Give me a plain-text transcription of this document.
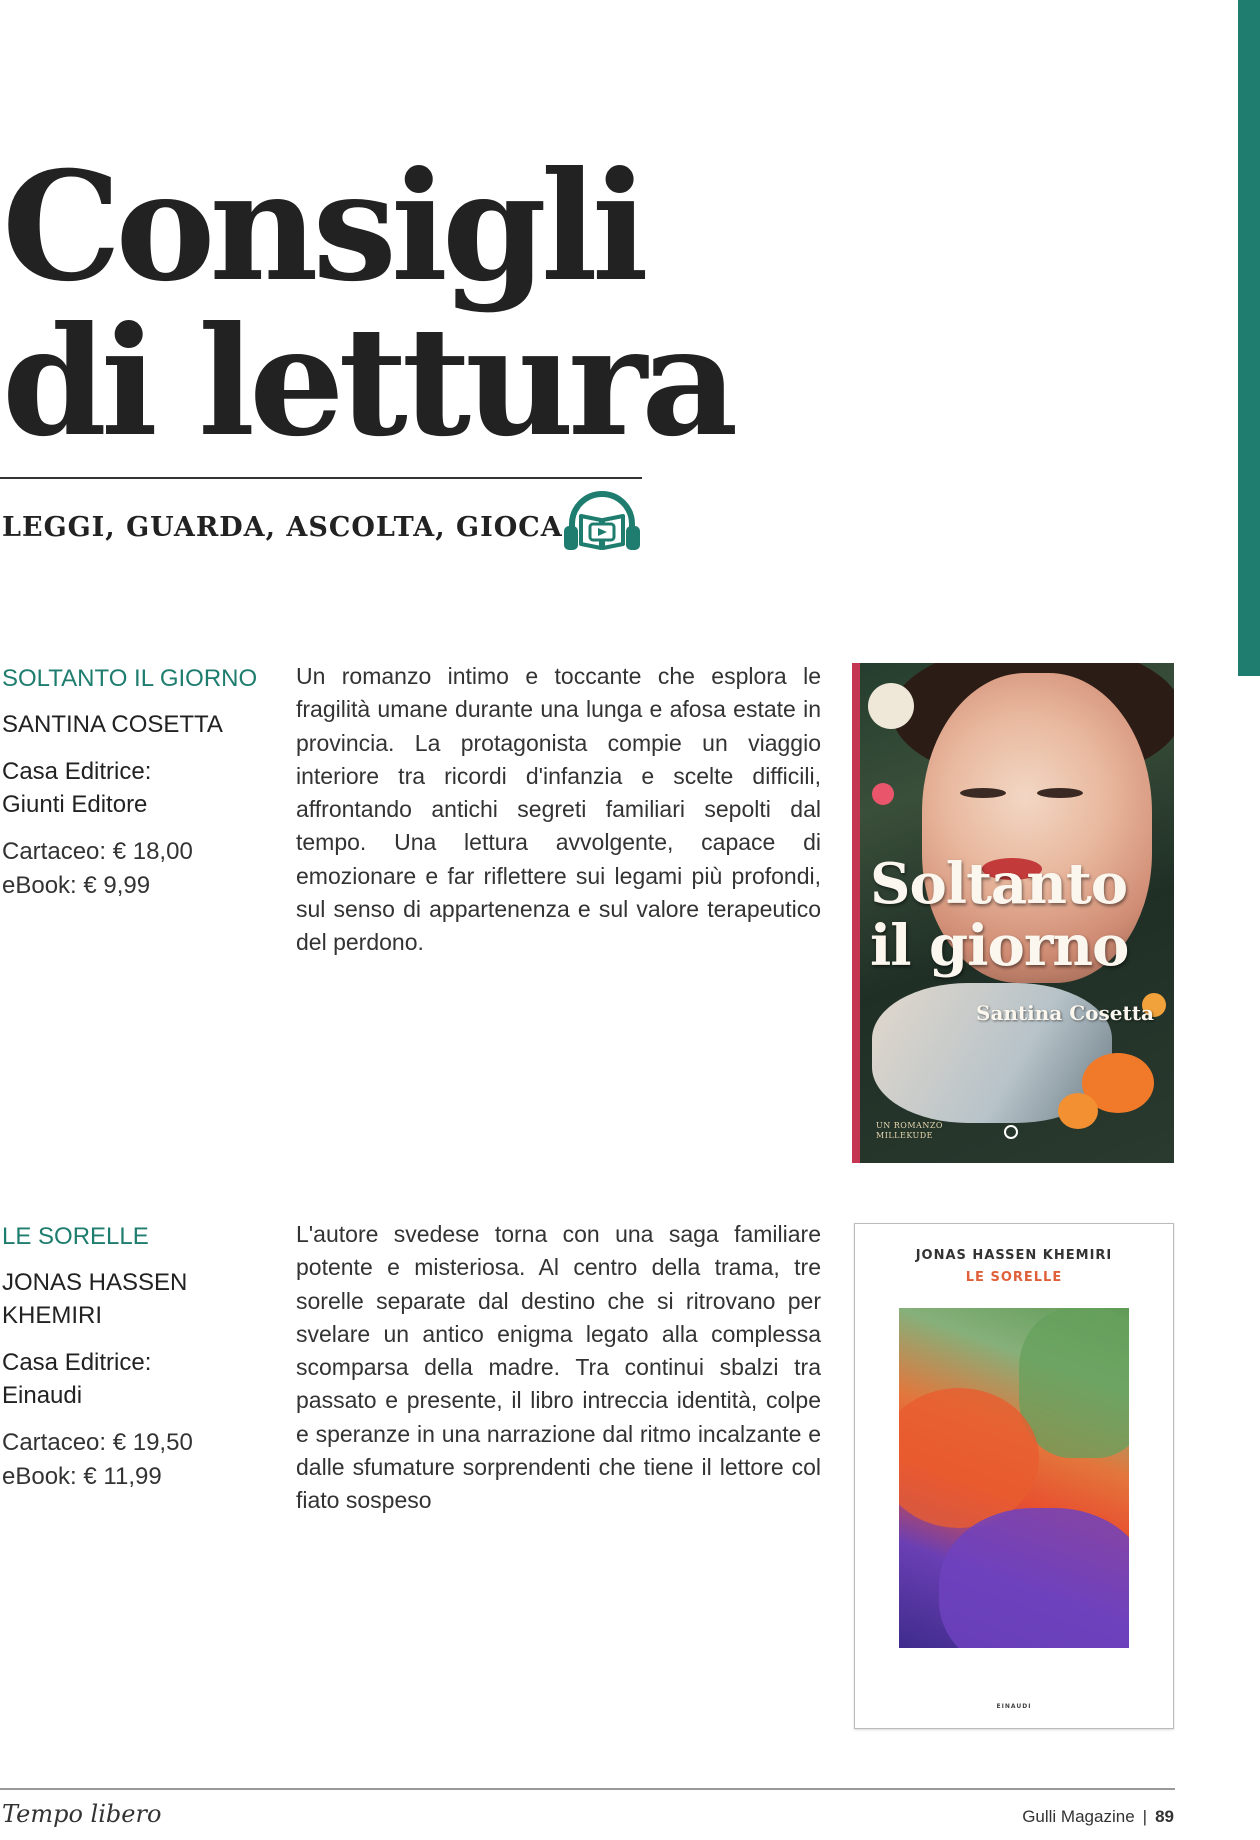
Consigli
di lettura
LEGGI, GUARDA, ASCOLTA, GIOCA
SOLTANTO IL GIORNO
SANTINA COSETTA
Casa Editrice:
Giunti Editore
Cartaceo: € 18,00
eBook: € 9,99

Un romanzo intimo e toccante che esplora le fragilità umane durante una lunga e afosa estate in provincia. La protagonista compie un viaggio interiore tra ricordi d'infanzia e scelte difficili, affrontando antichi segreti familiari sepolti dal tempo. Una lettura avvolgente, capace di emozionare e far riflettere sui legami più profondi, sul senso di appartenenza e sul valore terapeutico del perdono.

Soltanto
il giorno
Santina Cosetta
UN ROMANZO
MILLEKUDE
LE SORELLE
JONAS HASSEN KHEMIRI
Casa Editrice:
Einaudi
Cartaceo: € 19,50
eBook: € 11,99

L'autore svedese torna con una saga familiare potente e misteriosa. Al centro della trama, tre sorelle separate dal destino che si ritrovano per svelare un antico enigma legato alla complessa scomparsa della madre. Tra continui sbalzi tra passato e presente, il libro intreccia identità, colpe e speranze in una narrazione dal ritmo incalzante e dalle sfumature sorprendenti che tiene il lettore col fiato sospeso

JONAS HASSEN KHEMIRI
LE SORELLE
EINAUDI
Tempo libero	Gulli Magazine | 89
